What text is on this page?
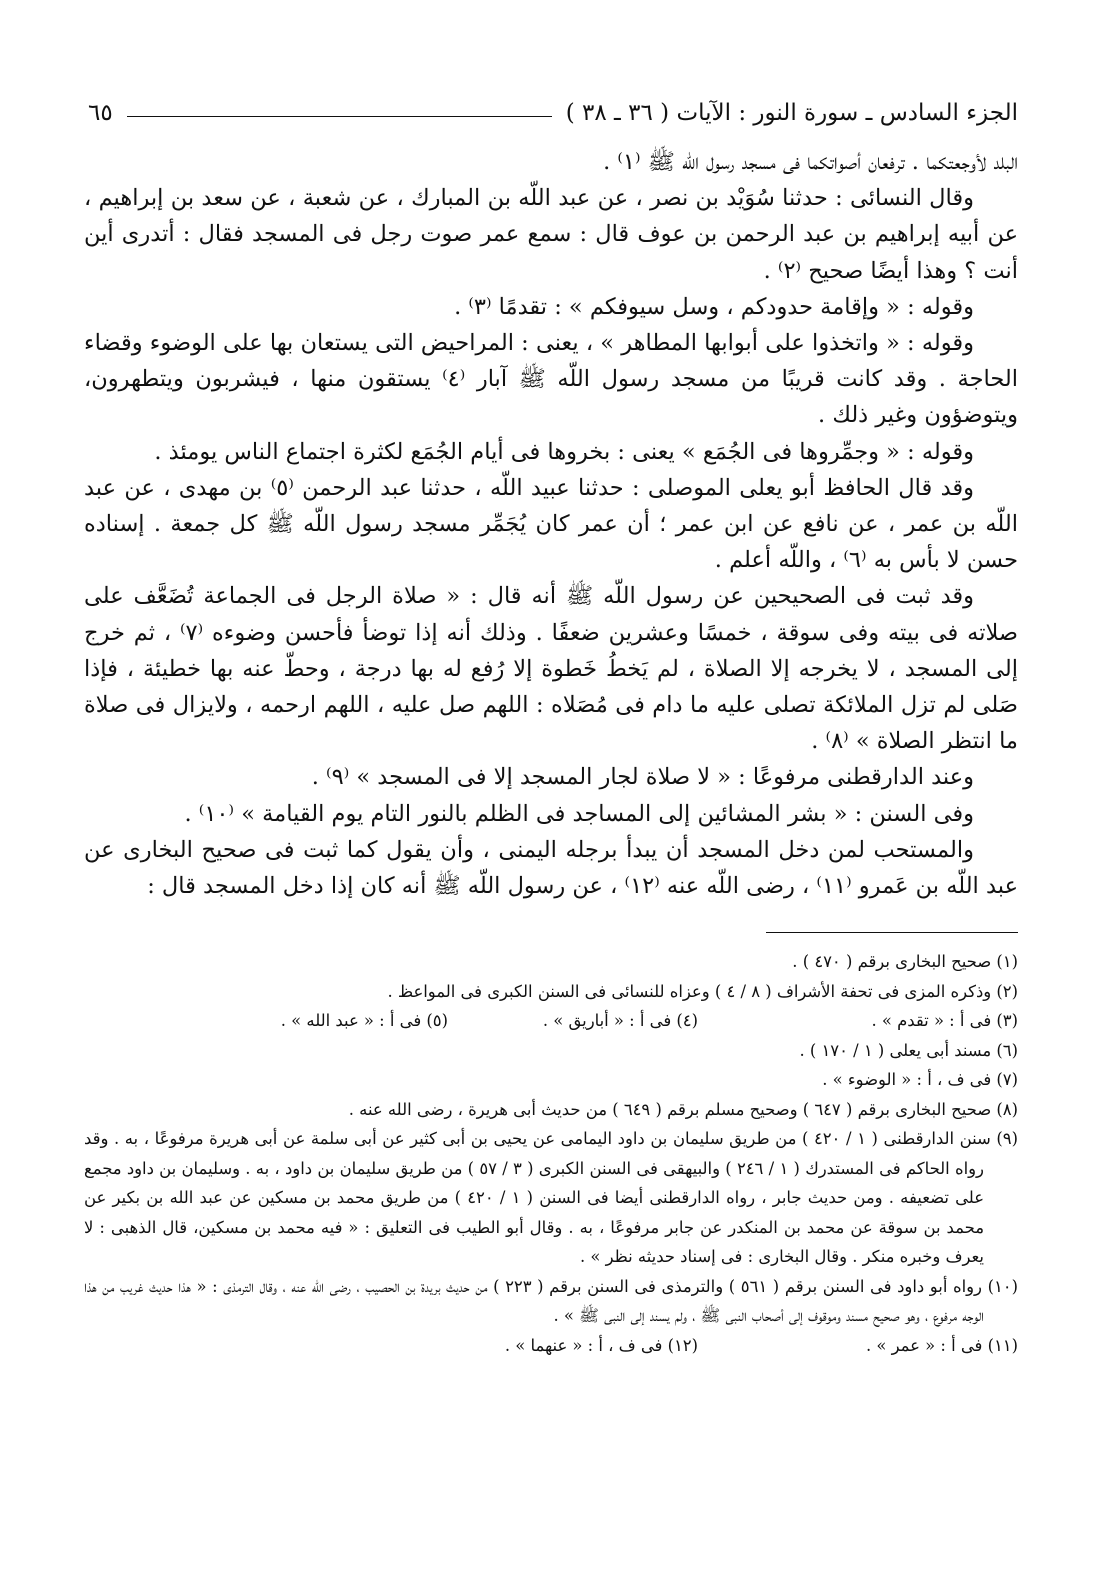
الجزء السادس ـ سورة النور : الآيات ( ٣٦ ـ ٣٨ )
٦٥

البلد لأوجعتكما . ترفعان أصواتكما فى مسجد رسول اللّه ﷺ ⁽١⁾ .

وقال النسائى : حدثنا سُوَيْد بن نصر ، عن عبد اللّه بن المبارك ، عن شعبة ، عن سعد بن إبراهيم ، عن أبيه إبراهيم بن عبد الرحمن بن عوف قال : سمع عمر صوت رجل فى المسجد فقال : أتدرى أين أنت ؟ وهذا أيضًا صحيح ⁽٢⁾ .

وقوله : « وإقامة حدودكم ، وسل سيوفكم » : تقدمًا ⁽٣⁾ .

وقوله : « واتخذوا على أبوابها المطاهر » ، يعنى : المراحيض التى يستعان بها على الوضوء وقضاء الحاجة . وقد كانت قريبًا من مسجد رسول اللّه ﷺ آبار ⁽٤⁾ يستقون منها ، فيشربون ويتطهرون، ويتوضؤون وغير ذلك .

وقوله : « وجمِّروها فى الجُمَع » يعنى : بخروها فى أيام الجُمَع لكثرة اجتماع الناس يومئذ .

وقد قال الحافظ أبو يعلى الموصلى : حدثنا عبيد اللّه ، حدثنا عبد الرحمن ⁽٥⁾ بن مهدى ، عن عبد اللّه بن عمر ، عن نافع عن ابن عمر ؛ أن عمر كان يُجَمِّر مسجد رسول اللّه ﷺ كل جمعة . إسناده حسن لا بأس به ⁽٦⁾ ، واللّه أعلم .

وقد ثبت فى الصحيحين عن رسول اللّه ﷺ أنه قال : « صلاة الرجل فى الجماعة تُضَعَّف على صلاته فى بيته وفى سوقة ، خمسًا وعشرين ضعفًا . وذلك أنه إذا توضأ فأحسن وضوءه ⁽٧⁾ ، ثم خرج إلى المسجد ، لا يخرجه إلا الصلاة ، لم يَخطُ خَطوة إلا رُفع له بها درجة ، وحطّ عنه بها خطيئة ، فإذا صَلى لم تزل الملائكة تصلى عليه ما دام فى مُصَلاه : اللهم صل عليه ، اللهم ارحمه ، ولايزال فى صلاة ما انتظر الصلاة » ⁽٨⁾ .

وعند الدارقطنى مرفوعًا : « لا صلاة لجار المسجد إلا فى المسجد » ⁽٩⁾ .

وفى السنن : « بشر المشائين إلى المساجد فى الظلم بالنور التام يوم القيامة » ⁽١٠⁾ .

والمستحب لمن دخل المسجد أن يبدأ برجله اليمنى ، وأن يقول كما ثبت فى صحيح البخارى عن عبد اللّه بن عَمرو ⁽١١⁾ ، رضى اللّه عنه ⁽١٢⁾ ، عن رسول اللّه ﷺ أنه كان إذا دخل المسجد قال :

(١) صحيح البخارى برقم ( ٤٧٠ ) .

(٢) وذكره المزى فى تحفة الأشراف ( ٨ / ٤ ) وعزاه للنسائى فى السنن الكبرى فى المواعظ .

(٣) فى أ : « تقدم » .
(٤) فى أ : « أباريق » .
(٥) فى أ : « عبد الله » .

(٦) مسند أبى يعلى ( ١ / ١٧٠ ) .

(٧) فى ف ، أ : « الوضوء » .

(٨) صحيح البخارى برقم ( ٦٤٧ ) وصحيح مسلم برقم ( ٦٤٩ ) من حديث أبى هريرة ، رضى الله عنه .

(٩) سنن الدارقطنى ( ١ / ٤٢٠ ) من طريق سليمان بن داود اليمامى عن يحيى بن أبى كثير عن أبى سلمة عن أبى هريرة مرفوعًا ، به . وقد رواه الحاكم فى المستدرك ( ١ / ٢٤٦ ) والبيهقى فى السنن الكبرى ( ٣ / ٥٧ ) من طريق سليمان بن داود ، به . وسليمان بن داود مجمع على تضعيفه . ومن حديث جابر ، رواه الدارقطنى أيضا فى السنن ( ١ / ٤٢٠ ) من طريق محمد بن مسكين عن عبد الله بن بكير عن محمد بن سوقة عن محمد بن المنكدر عن جابر مرفوعًا ، به . وقال أبو الطيب فى التعليق : « فيه محمد بن مسكين، قال الذهبى : لا يعرف وخبره منكر . وقال البخارى : فى إسناد حديثه نظر » .

(١٠) رواه أبو داود فى السنن برقم ( ٥٦١ ) والترمذى فى السنن برقم ( ٢٢٣ ) من حديث بريدة بن الحصيب ، رضى الله عنه ، وقال الترمذى : « هذا حديث غريب من هذا الوجه مرفوع ، وهو صحيح مسند وموقوف إلى أصحاب النبى ﷺ ، ولم يسند إلى النبى ﷺ » .

(١١) فى أ : « عمر » .
(١٢) فى ف ، أ : « عنهما » .
